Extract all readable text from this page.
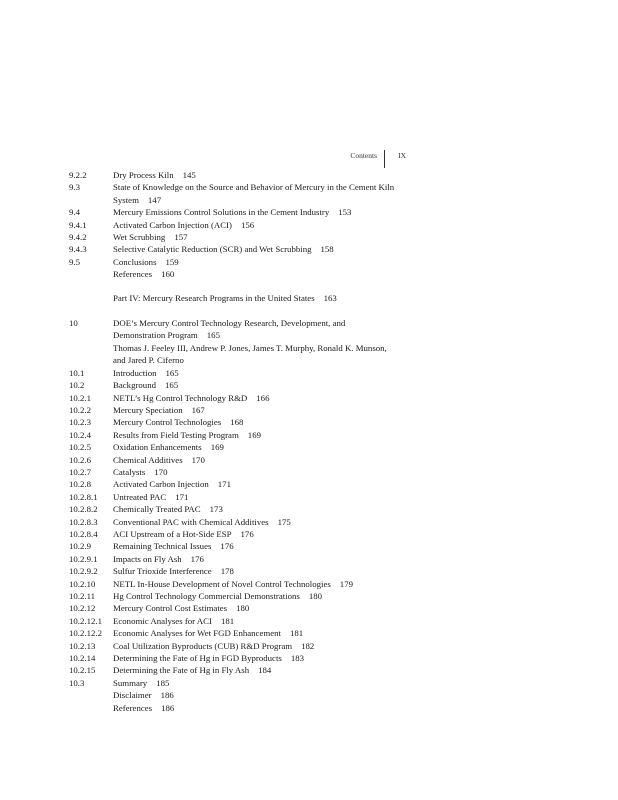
Contents	IX
9.2.2	Dry Process Kiln 145
9.3	State of Knowledge on the Source and Behavior of Mercury in the Cement Kiln System 147
9.4	Mercury Emissions Control Solutions in the Cement Industry 153
9.4.1	Activated Carbon Injection (ACI) 156
9.4.2	Wet Scrubbing 157
9.4.3	Selective Catalytic Reduction (SCR) and Wet Scrubbing 158
9.5	Conclusions 159
References 160
Part IV: Mercury Research Programs in the United States 163
10	DOE’s Mercury Control Technology Research, Development, and Demonstration Program 165
Thomas J. Feeley III, Andrew P. Jones, James T. Murphy, Ronald K. Munson, and Jared P. Ciferno
10.1	Introduction 165
10.2	Background 165
10.2.1	NETL’s Hg Control Technology R&D 166
10.2.2	Mercury Speciation 167
10.2.3	Mercury Control Technologies 168
10.2.4	Results from Field Testing Program 169
10.2.5	Oxidation Enhancements 169
10.2.6	Chemical Additives 170
10.2.7	Catalysts 170
10.2.8	Activated Carbon Injection 171
10.2.8.1	Untreated PAC 171
10.2.8.2	Chemically Treated PAC 173
10.2.8.3	Conventional PAC with Chemical Additives 175
10.2.8.4	ACI Upstream of a Hot-Side ESP 176
10.2.9	Remaining Technical Issues 176
10.2.9.1	Impacts on Fly Ash 176
10.2.9.2	Sulfur Trioxide Interference 178
10.2.10	NETL In-House Development of Novel Control Technologies 179
10.2.11	Hg Control Technology Commercial Demonstrations 180
10.2.12	Mercury Control Cost Estimates 180
10.2.12.1	Economic Analyses for ACI 181
10.2.12.2	Economic Analyses for Wet FGD Enhancement 181
10.2.13	Coal Utilization Byproducts (CUB) R&D Program 182
10.2.14	Determining the Fate of Hg in FGD Byproducts 183
10.2.15	Determining the Fate of Hg in Fly Ash 184
10.3	Summary 185
Disclaimer 186
References 186
